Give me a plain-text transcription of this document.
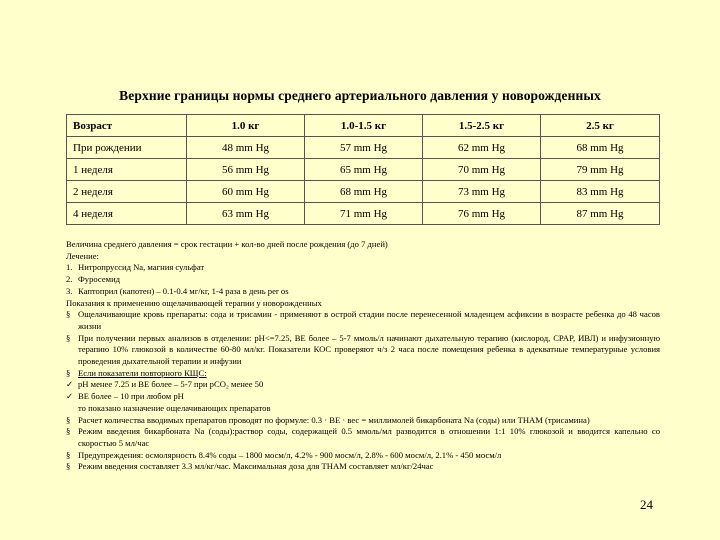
Верхние границы нормы среднего артериального давления у новорожденных
Возраст	1.0 кг	1.0-1.5 кг	1.5-2.5 кг	2.5 кг
При рождении	48 mm Hg	57 mm Hg	62 mm Hg	68 mm Hg
1 неделя	56 mm Hg	65 mm Hg	70 mm Hg	79 mm Hg
2 неделя	60 mm Hg	68 mm Hg	73 mm Hg	83 mm Hg
4 неделя	63 mm Hg	71 mm Hg	76 mm Hg	87 mm Hg

Величина среднего давления = срок гестации + кол-во дней после рождения (до 7 дней)

Лечение:

1. Нитропруссид Na, магния сульфат

2. Фуросемид

3. Каптоприл (капотен) – 0.1-0.4 мг/кг, 1-4 раза в день per os

Показания к применению ощелачивающей терапии у новорожденных

§ Ощелачивающие кровь препараты: сода и трисамин - применяют в острой стадии после перенесенной младенцем асфиксии в возрасте ребенка до 48 часов жизни

§ При получении первых анализов в отделении: pH<=7.25, BE более – 5-7 ммоль/л начинают дыхательную терапию (кислород, CPAP, ИВЛ) и инфузионную терапию 10% глюкозой в количестве 60-80 мл/кг. Показатели КОС проверяют ч/з 2 часа после помещения ребенка в адекватные температурные условия проведения дыхательной терапии и инфузии

§ Если показатели повторного КЩС:

✓ pH менее 7.25 и BE более – 5-7 при pCO₂ менее 50

✓ BE более – 10 при любом pH

то показано назначение ощелачивающих препаратов

§ Расчет количества вводимых препаратов проводят по формуле: 0.3 · BE · вес = миллимолей бикарбоната Na (соды) или THAM (трисамина)

§ Режим введения бикарбоната Na (соды):раствор соды, содержащей 0.5 ммоль/мл разводится в отношении 1:1 10% глюкозой и вводится капельно со скоростью 5 мл/час

§ Предупреждения: осмолярность 8.4% соды – 1800 мосм/л, 4.2% - 900 мосм/л, 2.8% - 600 мосм/л, 2.1% - 450 мосм/л

§ Режим введения составляет 3.3 мл/кг/час. Максимальная доза для THAM составляет мл/кг/24час

24
